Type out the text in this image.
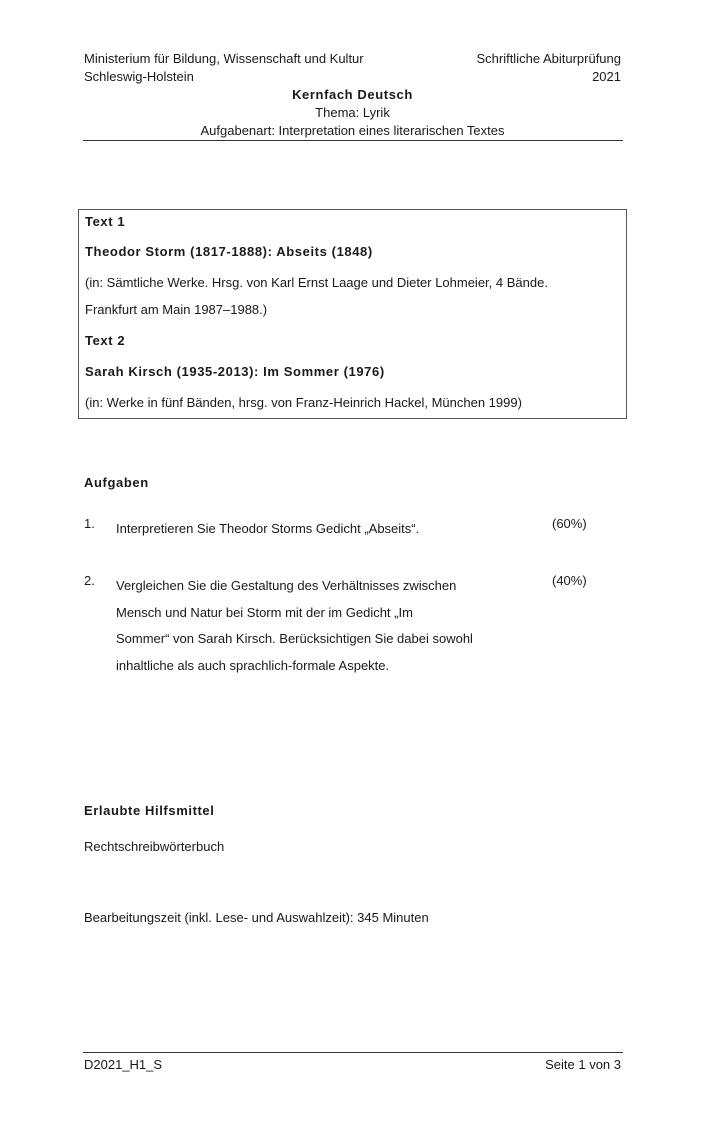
Ministerium für Bildung, Wissenschaft und Kultur	Schriftliche Abiturprüfung
Schleswig-Holstein	2021
Kernfach Deutsch
Thema: Lyrik
Aufgabenart: Interpretation eines literarischen Textes
Text 1
Theodor Storm (1817-1888): Abseits (1848)
(in: Sämtliche Werke. Hrsg. von Karl Ernst Laage und Dieter Lohmeier, 4 Bände.
Frankfurt am Main 1987–1988.)
Text 2
Sarah Kirsch (1935-2013): Im Sommer (1976)
(in: Werke in fünf Bänden, hrsg. von Franz-Heinrich Hackel, München 1999)
Aufgaben
1. Interpretieren Sie Theodor Storms Gedicht „Abseits“.	(60%)
2. Vergleichen Sie die Gestaltung des Verhältnisses zwischen
Mensch und Natur bei Storm mit der im Gedicht „Im
Sommer“ von Sarah Kirsch. Berücksichtigen Sie dabei sowohl
inhaltliche als auch sprachlich-formale Aspekte.
(40%)
Erlaubte Hilfsmittel
Rechtschreibwörterbuch
Bearbeitungszeit (inkl. Lese- und Auswahlzeit): 345 Minuten
D2021_H1_S	Seite 1 von 3
